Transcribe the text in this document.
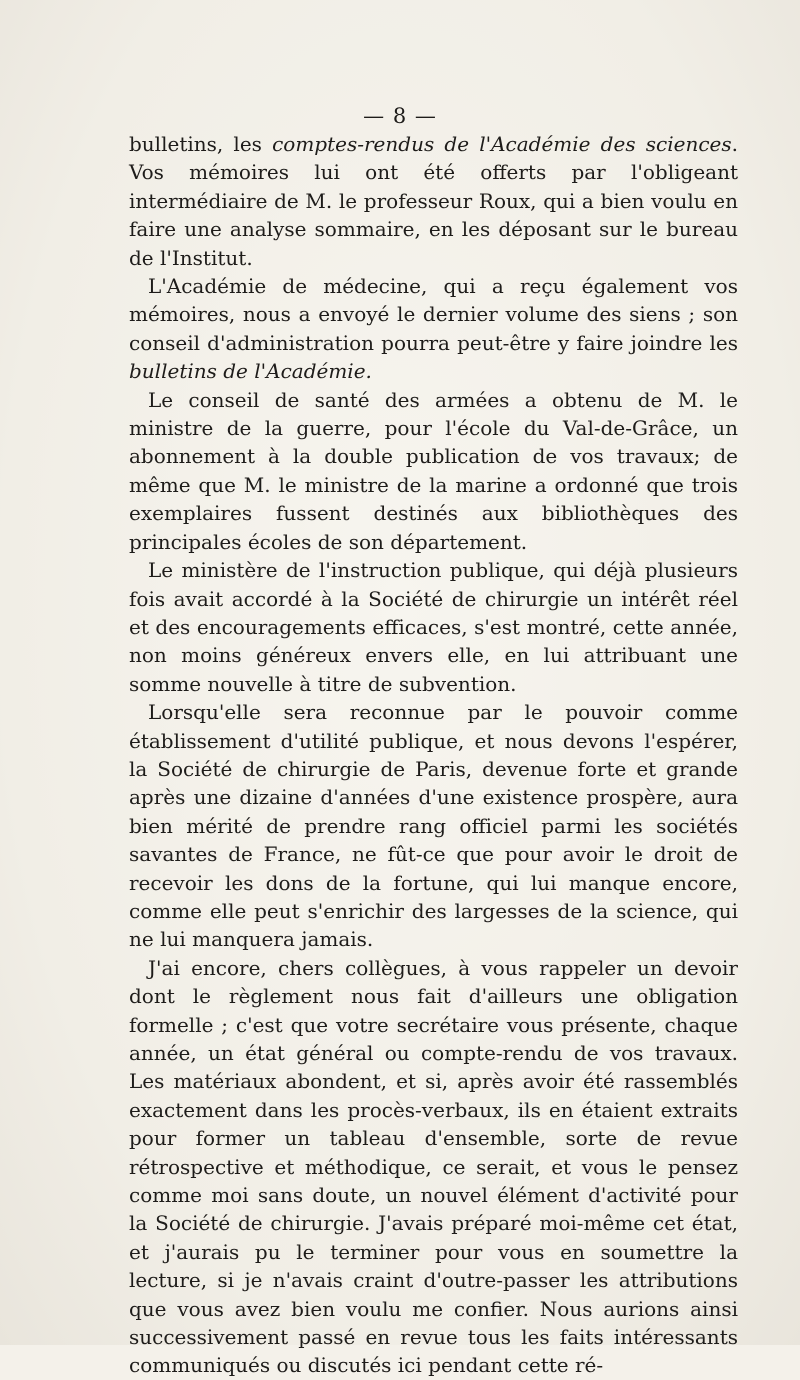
— 8 —

bulletins, les comptes-rendus de l'Académie des sciences. Vos mémoires lui ont été offerts par l'obligeant intermédiaire de M. le professeur Roux, qui a bien voulu en faire une analyse sommaire, en les déposant sur le bureau de l'Institut.

L'Académie de médecine, qui a reçu également vos mémoires, nous a envoyé le dernier volume des siens ; son conseil d'administration pourra peut-être y faire joindre les bulletins de l'Académie.

Le conseil de santé des armées a obtenu de M. le ministre de la guerre, pour l'école du Val-de-Grâce, un abonnement à la double publication de vos travaux; de même que M. le ministre de la marine a ordonné que trois exemplaires fussent destinés aux bibliothèques des principales écoles de son département.

Le ministère de l'instruction publique, qui déjà plusieurs fois avait accordé à la Société de chirurgie un intérêt réel et des encouragements efficaces, s'est montré, cette année, non moins généreux envers elle, en lui attribuant une somme nouvelle à titre de subvention.

Lorsqu'elle sera reconnue par le pouvoir comme établissement d'utilité publique, et nous devons l'espérer, la Société de chirurgie de Paris, devenue forte et grande après une dizaine d'années d'une existence prospère, aura bien mérité de prendre rang officiel parmi les sociétés savantes de France, ne fût-ce que pour avoir le droit de recevoir les dons de la fortune, qui lui manque encore, comme elle peut s'enrichir des largesses de la science, qui ne lui manquera jamais.

J'ai encore, chers collègues, à vous rappeler un devoir dont le règlement nous fait d'ailleurs une obligation formelle ; c'est que votre secrétaire vous présente, chaque année, un état général ou compte-rendu de vos travaux. Les matériaux abondent, et si, après avoir été rassemblés exactement dans les procès-verbaux, ils en étaient extraits pour former un tableau d'ensemble, sorte de revue rétrospective et méthodique, ce serait, et vous le pensez comme moi sans doute, un nouvel élément d'activité pour la Société de chirurgie. J'avais préparé moi-même cet état, et j'aurais pu le terminer pour vous en soumettre la lecture, si je n'avais craint d'outre-passer les attributions que vous avez bien voulu me confier. Nous aurions ainsi successivement passé en revue tous les faits intéressants communiqués ou discutés ici pendant cette ré-
